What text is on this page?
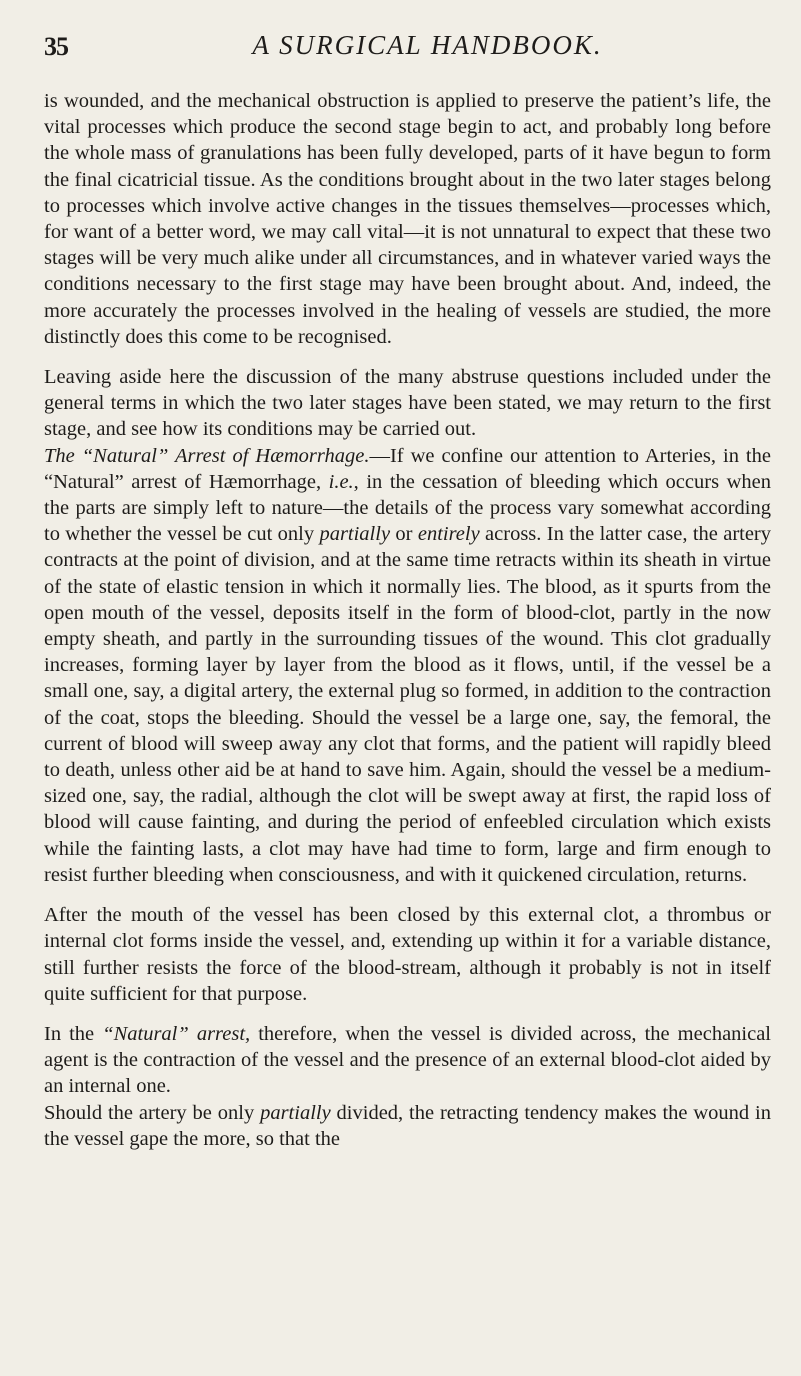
35	A SURGICAL HANDBOOK.

is wounded, and the mechanical obstruction is applied to preserve the patient’s life, the vital processes which produce the second stage begin to act, and probably long before the whole mass of granulations has been fully developed, parts of it have begun to form the final cicatricial tissue. As the conditions brought about in the two later stages belong to processes which involve active changes in the tissues themselves—processes which, for want of a better word, we may call vital—it is not unnatural to expect that these two stages will be very much alike under all circumstances, and in whatever varied ways the conditions necessary to the first stage may have been brought about. And, indeed, the more accurately the processes involved in the healing of vessels are studied, the more distinctly does this come to be recognised.

Leaving aside here the discussion of the many abstruse questions included under the general terms in which the two later stages have been stated, we may return to the first stage, and see how its conditions may be carried out.

The “Natural” Arrest of Hæmorrhage.—If we confine our attention to Arteries, in the “Natural” arrest of Hæmorrhage, i.e., in the cessation of bleeding which occurs when the parts are simply left to nature—the details of the process vary somewhat according to whether the vessel be cut only partially or entirely across. In the latter case, the artery contracts at the point of division, and at the same time retracts within its sheath in virtue of the state of elastic tension in which it normally lies. The blood, as it spurts from the open mouth of the vessel, deposits itself in the form of blood-clot, partly in the now empty sheath, and partly in the surrounding tissues of the wound. This clot gradually increases, forming layer by layer from the blood as it flows, until, if the vessel be a small one, say, a digital artery, the external plug so formed, in addition to the contraction of the coat, stops the bleeding. Should the vessel be a large one, say, the femoral, the current of blood will sweep away any clot that forms, and the patient will rapidly bleed to death, unless other aid be at hand to save him. Again, should the vessel be a medium-sized one, say, the radial, although the clot will be swept away at first, the rapid loss of blood will cause fainting, and during the period of enfeebled circulation which exists while the fainting lasts, a clot may have had time to form, large and firm enough to resist further bleeding when consciousness, and with it quickened circulation, returns.

After the mouth of the vessel has been closed by this external clot, a thrombus or internal clot forms inside the vessel, and, extending up within it for a variable distance, still further resists the force of the blood-stream, although it probably is not in itself quite sufficient for that purpose.

In the “Natural” arrest, therefore, when the vessel is divided across, the mechanical agent is the contraction of the vessel and the presence of an external blood-clot aided by an internal one.

Should the artery be only partially divided, the retracting tendency makes the wound in the vessel gape the more, so that the
